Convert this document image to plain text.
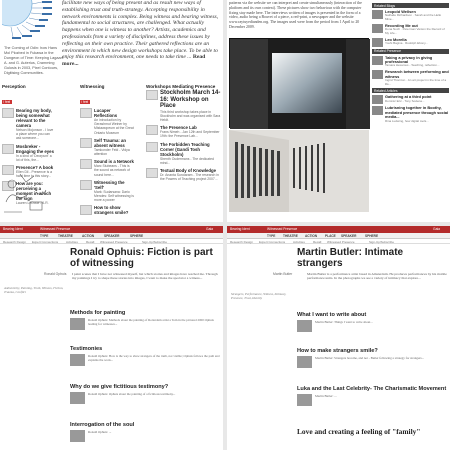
The Coming of Odin: how Hans Mol Plozbed in Fukawa in the Dungeon of Time: Keeping Lagaart: A. and G. Auterius, Cramming Gulosis in 2003, Pixel Contours, Digitising Communities.
facilitate new ways of being present and as result new ways of establishing trust and truth-strategy. Accepting responsibility in network environments is complex. Being witness and bearing witness, fundamental to social structures, are challenged. What actually happens when one is witness to another? Artists, academics and professionals from a variety of disciplines, address these issues by reflecting on their own practice. Their gathered reflections are an environment in which new design workshops take place. To be able to enjoy this research environment, one needs to take time ... Read more...
Perception
i feel
Bearing my body, being somewhat relevant to the camera
Nelson Mojonson - I love a place where you can ask someone...
Mosbreker - Engaging the eyes
In a kind of 'Deorpunt' a lot of this, the...
Presence? A book
Ellen Dil - Presence is a hard time to this story...
How are you: perceiving a moment in which the sign
Lauren LeDoux - A.R.
Witnessing
i feel
Lucaper Reflections
An introduction by Gerashmut Weiner by Mistawopeum at the Great Ontario Museum
Self Trauma: an absent witness
Tamkonder Feld - Vidya attention
Sound is a Network
Marc Stubeans - This is the sound as network of sound here...
Witnessing the 'Self'
Mark: Sudarsana: Dario Mendes: Self witnessing is more a power
How to show strangers smile?
Workshops Mediating Presence
Stockholm March 14-16: Workshop on Place
This third workshop takes place in Stockholm and was organised with Sara Heldt.
The Presence Lab
Frans Nimeh - Jan 12th and September 19th: the Presence Lab...
The Forbidden Teaching Corner (Gandi Tosh Stockholm)
Shenth Oudermans - The dedicated mind...
Textual Body of Knowledge
Dr. Ananta Sundaram - The research in the Powers of Teaching project 2007...
patterns via the website we can interpret and create simultaneously (interaction of the platform and its own context). These pictures show two behaviour with the computer fixing stay made here. The interviews written of images is presented in the form of a video, audio being a Bouvet of a piece, a red-print, a newspaper and the website www.raytuyedianden.org. The images used were from the period from 1 April to 20 December 2009.
Related Blogs
Leopold Wellsen
Nathalie Richardson · Sarah and the Hello Mine...
Recording Me out
Dona Noch · Peterman Vanton the Record of My Life...
Leo Morella
Yoshi Bagina · Rudolph Ebony...
Related Presence
Taking a privacy in giving professional
Tamara Hexamus - Teaching, reflection...
Research between performing and witness
Ingrid Thornton · An art project in the time of a life...
Related Articles
Gathering at a third point
Dominic Eric - Tony Sodena...
Lubrisning together in Boothy, mediated presence through social media...
Rina Ludwing, how digital tools...
Bearing Ident	Witnessed Presence	Gaia
TYPE	THEATRE	ACTION	SPEAKER	SPHERE
Research Design Expert Connections	Activities	Recall Witnessed Presence	Sign-Up/Subscribe
Ronald Ophuis: Fiction is part of witnessing
Ronald Ophuis I paint scenes that I have not witnessed myself, but which stories and images have reached me. Through my paintings I try to shape these stories into images, I want to make the spectator a witness...
Authenticity, Painting, Truth, Witness, Fiction, Trauma, Conflict
Methods for painting
Ronald Ophuis: Methods about the painting of Rotterdam artist a Tom in the pictured 2000 Ophuis leading for witnesses...
Testimonies
Ronald Ophuis: How is the way to show strangers of the truth, not visible; Ophuis follows the path and explains the work...
Why do we give fictitious testimony?
Ronald Ophuis: Ophuis about the painting of a fictitious testimony...
Interrogation of the soul
Ronald Ophuis: ...
Bearing Ident	Witnessed Presence	Gaia
TYPE THEATRE ACTION PLACE SPEAKER	SPHERE
Research Design Expert Connections	Activities	Recall Witnessed Presence	Sign-Up/Subscribe
Martin Butler: Intimate strangers
Martin Butler	Martin Butler is a performance artist based in Amsterdam. He produces performances by his mobile performance units. In the photographs we see a variety of intimacy that explore...
Strangers, Performance, Witness, Intimacy, Presence, Trust, Identity
What I want to write about
Martin Butler: Things I want to write about...
How to make strangers smile?
Martin Butler: Strangers become, and not - Butler following a strategy for strangers...
Luka and the Last Celebrity- The Charismatic Movement
Martin Butler: ...
Love and creating a feeling of "family"
